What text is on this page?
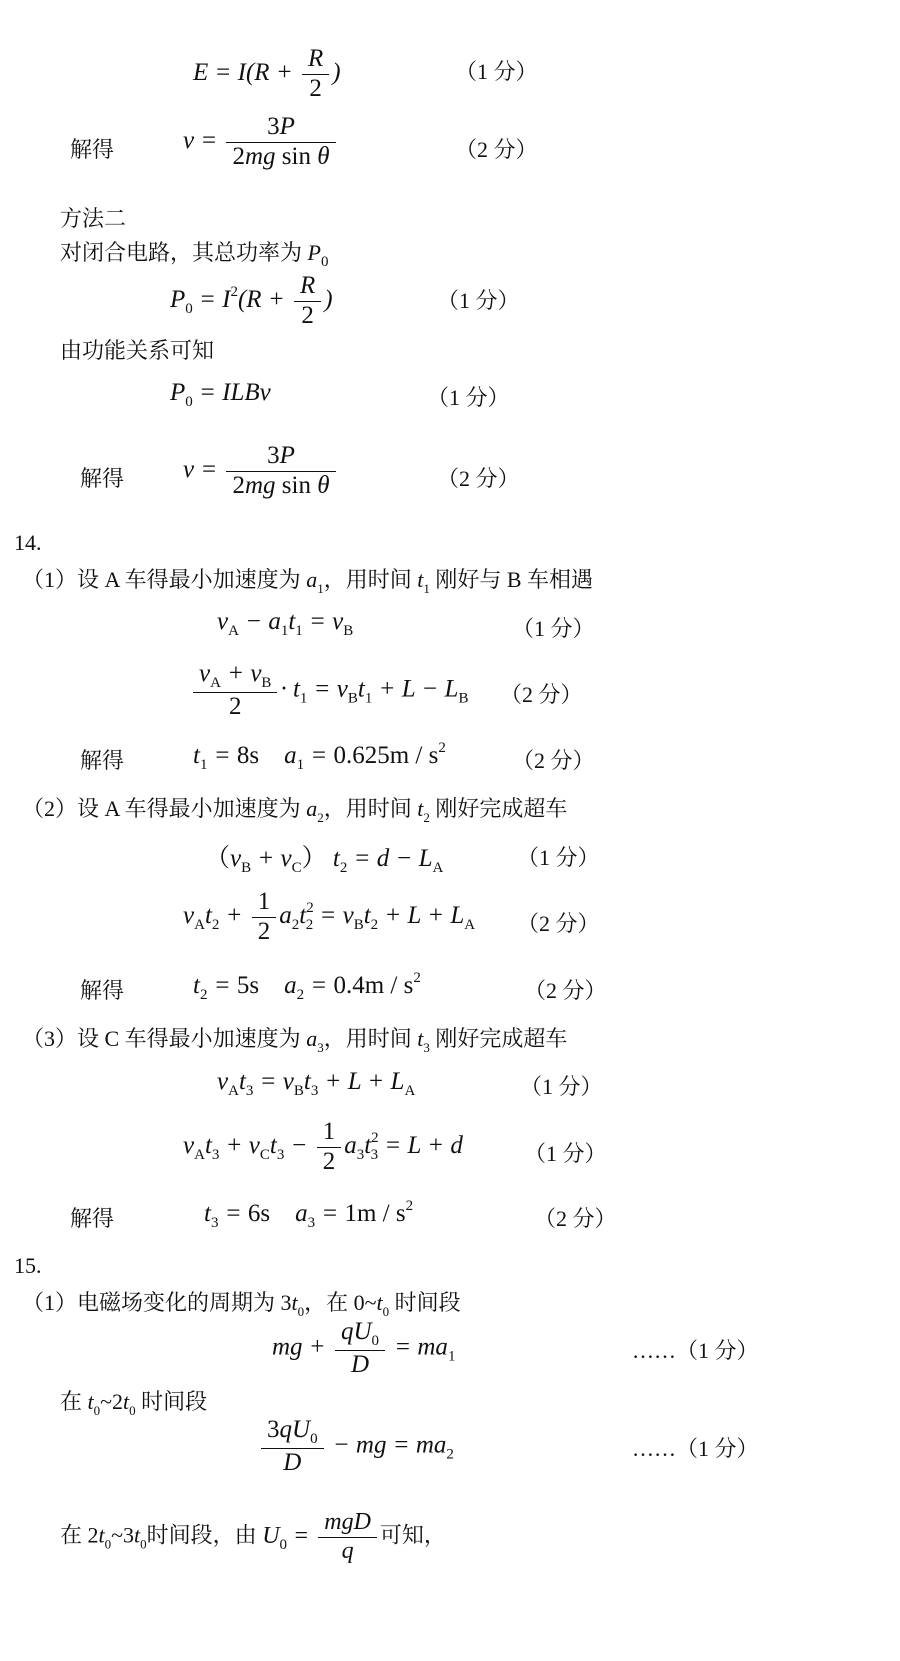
$E = I(R + \frac{R}{2}$ )	（1 分）
解得	$v = \frac{3P}{\text{2mg sin θ}}$	（2 分）
方法二
对闭合电路，其总功率为 $P_0$
$P_0 = I^2(R + \frac{R}{2}$ )	（1 分）
由功能关系可知
$P_0$ = ILBv	（1 分）
解得 $v = \frac{3P}{\text{2mg sin θ}}$	（2 分）
14.
（1）设 A 车得最小加速度为 $a_1$，用时间 $t_1$ 刚好与 B 车相遇
$v_A - a_1t_1 = v_B$	（1 分）
$\frac{v_A + v_B}{2} \cdot t_1 = v_Bt_1 + L - L_B$ （2 分）
解得	$t_1 = 8s$    $a_1 = 0.625m / s^2$	（2 分）
（2）设 A 车得最小加速度为 $a_2$，用时间 $t_2$ 刚好完成超车
$(v_B + v_C) t_2 = d - L_A$	（1 分）
$v_At_2 + \frac{1}{2} a_2t^2_2 = v_Bt_2 + L + L_A$ （2 分）
解得	$t_2 = 5s$    $a_2 = 0.4m / s^2$	（2 分）
（3）设 C 车得最小加速度为 $a_3$，用时间 $t_3$ 刚好完成超车
$v_At_3 = v_Bt_3 + L + L_A$	（1 分）
$v_At_3 + v_Ct_3 - \frac{1}{2} a_3t^2_3 = L + d$	（1 分）
解得	$t_3 = 6s$    $a_3 = 1m / s^2$	（2 分）
15.
（1）电磁场变化的周期为 $3t_0$，在 $0\sim t_0$ 时间段
mg + $\frac{qU_0}{D} = ma_1$	……（1 分）
在 $t_0\sim 2t_0$ 时间段
$\frac{3qU_0}{D}$ − mg = $ma_2$	……（1 分）
在 $2t_0\sim 3t_0$时间段，由 $U_0 = \frac{\text{mgD}}{q}$ 可知，
